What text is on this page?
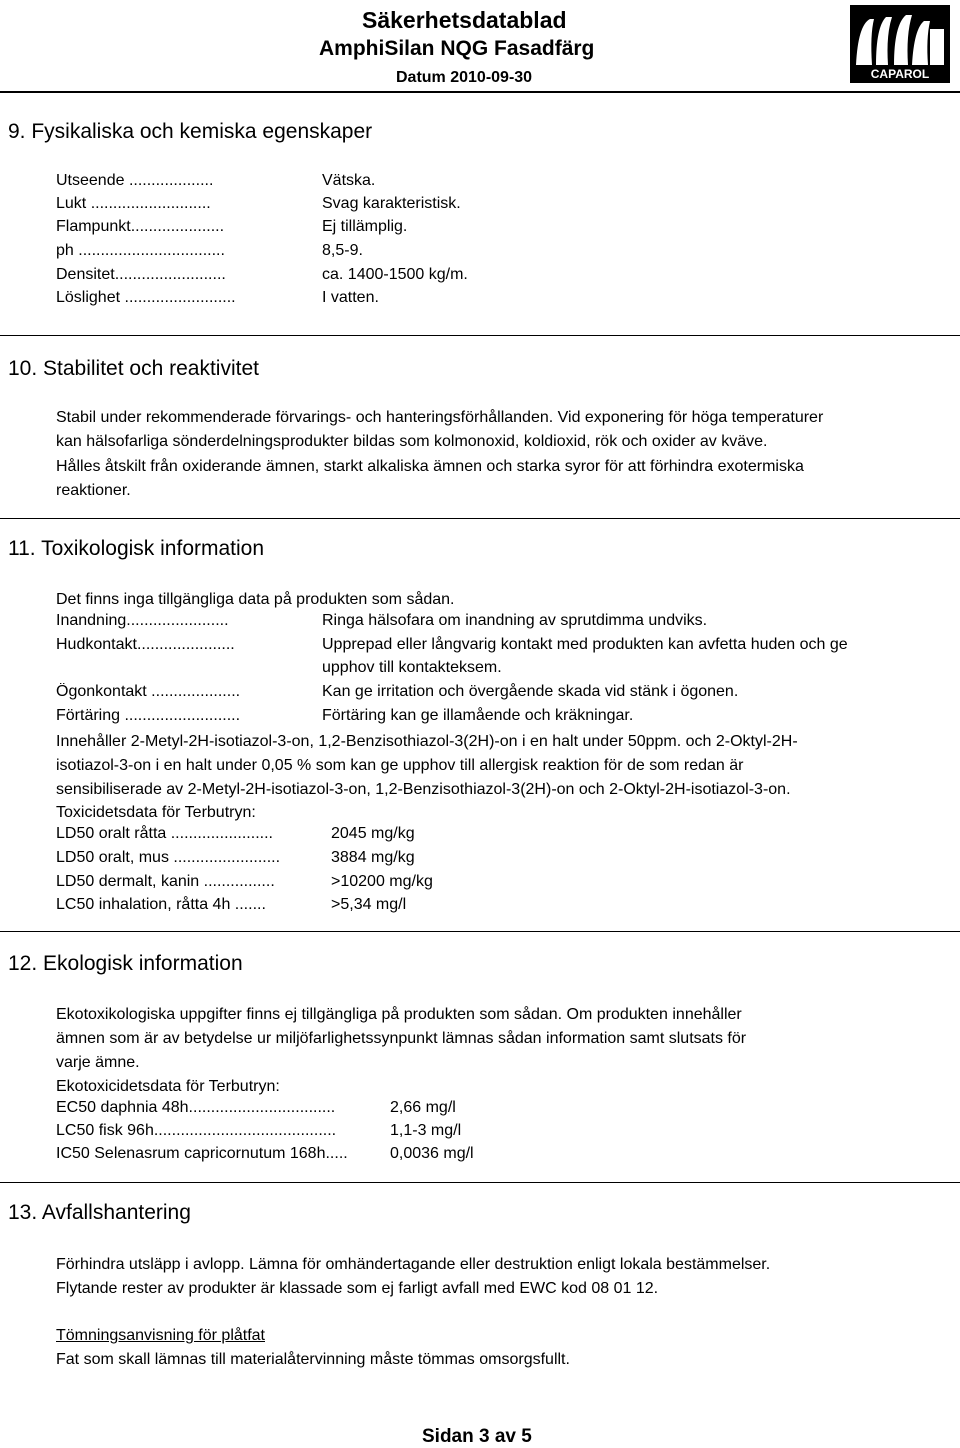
Säkerhetsdatablad
AmphiSilan NQG Fasadfärg
Datum 2010-09-30	CAPAROL
9. Fysikaliska och kemiska egenskaper
Utseende ...................	Vätska.
Lukt ...........................	Svag karakteristisk.
Flampunkt.....................	Ej tillämplig.
ph .................................	8,5-9.
Densitet.........................	ca. 1400-1500 kg/m.
Löslighet .........................	I vatten.
10. Stabilitet och reaktivitet
Stabil under rekommenderade förvarings- och hanteringsförhållanden. Vid exponering för höga temperaturer
kan hälsofarliga sönderdelningsprodukter bildas som kolmonoxid, koldioxid, rök och oxider av kväve.
Hålles åtskilt från oxiderande ämnen, starkt alkaliska ämnen och starka syror för att förhindra exotermiska
reaktioner.
11. Toxikologisk information
Det finns inga tillgängliga data på produkten som sådan.
Inandning.......................	Ringa hälsofara om inandning av sprutdimma undviks.
Hudkontakt......................	Upprepad eller långvarig kontakt med produkten kan avfetta huden och ge
upphov till kontakteksem.
Ögonkontakt ....................	Kan ge irritation och övergående skada vid stänk i ögonen.
Förtäring ..........................	Förtäring kan ge illamående och kräkningar.
Innehåller 2-Metyl-2H-isotiazol-3-on, 1,2-Benzisothiazol-3(2H)-on i en halt under 50ppm. och 2-Oktyl-2H-
isotiazol-3-on i en halt under 0,05 % som kan ge upphov till allergisk reaktion för de som redan är
sensibiliserade av 2-Metyl-2H-isotiazol-3-on, 1,2-Benzisothiazol-3(2H)-on och 2-Oktyl-2H-isotiazol-3-on.
Toxicidetsdata för Terbutryn:
LD50 oralt råtta .......................	2045 mg/kg
LD50 oralt, mus ........................	3884 mg/kg
LD50 dermalt, kanin ................	>10200 mg/kg
LC50 inhalation, råtta 4h .......	>5,34 mg/l
12. Ekologisk information
Ekotoxikologiska uppgifter finns ej tillgängliga på produkten som sådan. Om produkten innehåller
ämnen som är av betydelse ur miljöfarlighetssynpunkt lämnas sådan information samt slutsats för
varje ämne.
Ekotoxicidetsdata för Terbutryn:
EC50 daphnia 48h.................................	2,66 mg/l
LC50 fisk 96h.........................................	1,1-3 mg/l
IC50 Selenasrum capricornutum 168h.....	0,0036 mg/l
13. Avfallshantering
Förhindra utsläpp i avlopp. Lämna för omhändertagande eller destruktion enligt lokala bestämmelser.
Flytande rester av produkter är klassade som ej farligt avfall med EWC kod 08 01 12.
Tömningsanvisning för plåtfat
Fat som skall lämnas till materialåtervinning måste tömmas omsorgsfullt.
Sidan 3 av 5
